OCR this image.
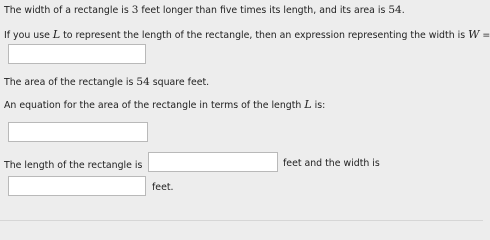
The width of a rectangle is 3 feet longer than five times its length, and its area is 54.
If you use L to represent the length of the rectangle, then an expression representing the width is W =
The area of the rectangle is 54 square feet.
An equation for the area of the rectangle in terms of the length L is:
The length of the rectangle is	feet and the width is
feet.
